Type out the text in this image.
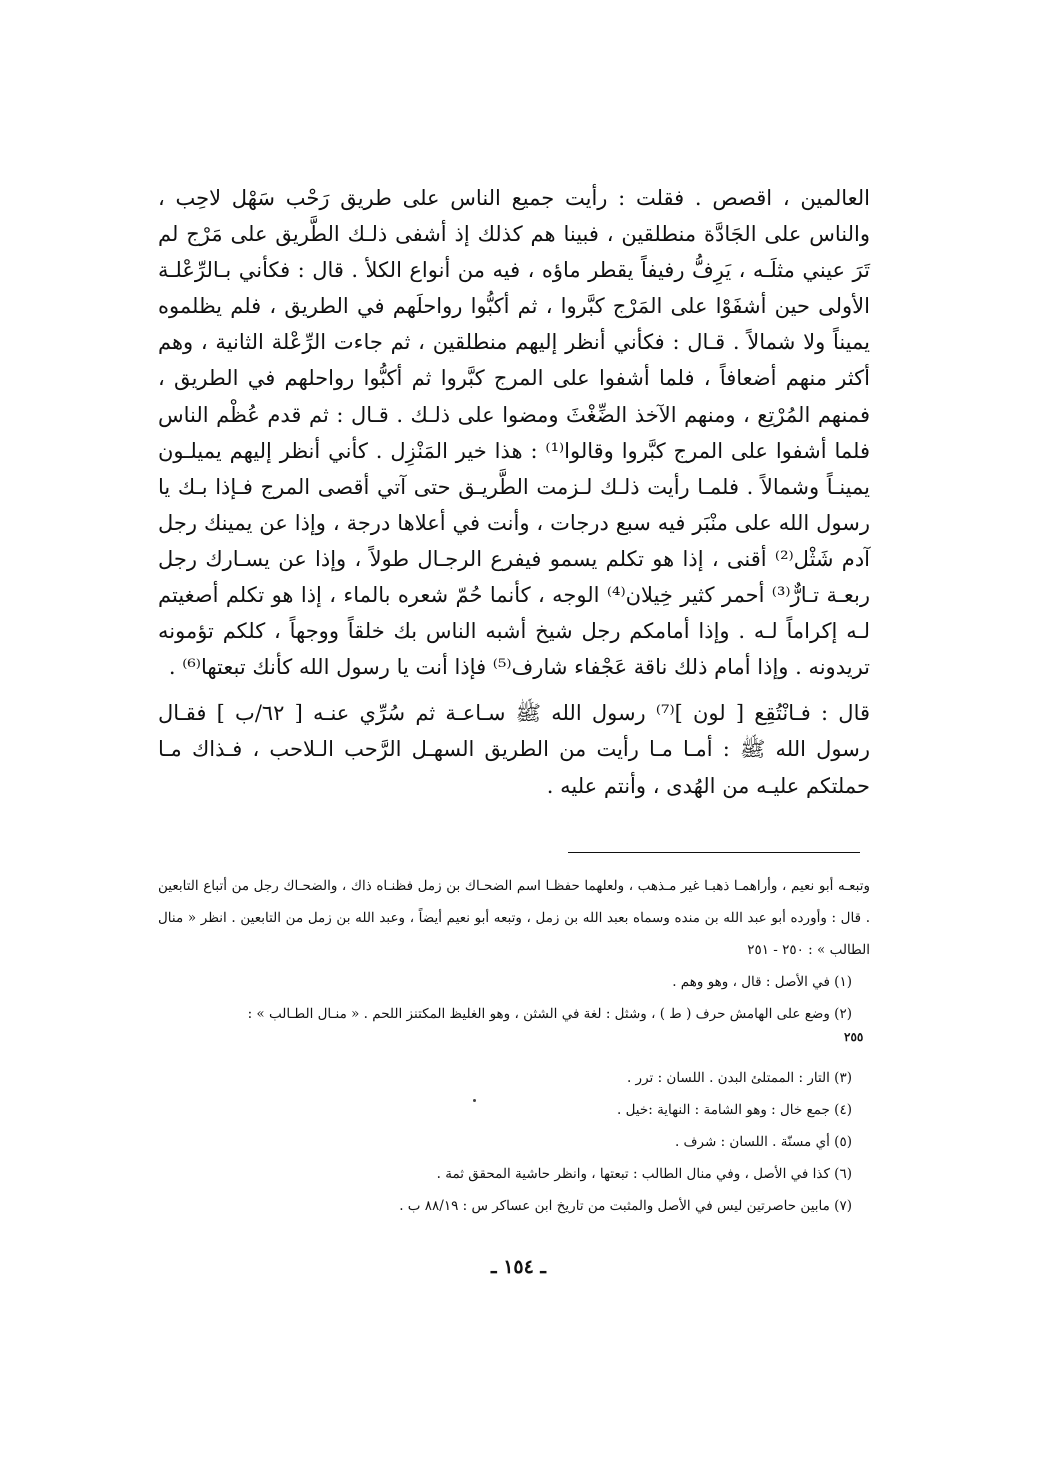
العالمين ، اقصص . فقلت : رأيت جميع الناس على طريق رَحْب سَهْل لاحِب ، والناس على الجَادَّة منطلقين ، فبينا هم كذلك إذ أشفى ذلـك الطَّريق على مَرْج لم تَرَ عيني مثلَـه ، يَرِفُّ رفيفاً يقطر ماؤه ، فيه من أنواع الكلأ . قال : فكأني بـالرِّعْلـة الأولى حين أشفَوْا على المَرْج كبَّروا ، ثم أكبُّوا رواحلَهم في الطريق ، فلم يظلموه يميناً ولا شمالاً . قـال : فكأني أنظر إليهم منطلقين ، ثم جاءت الرِّعْلة الثانية ، وهم أكثر منهم أضعافاً ، فلما أشفوا على المرج كبَّروا ثم أكبُّوا رواحلهم في الطريق ، فمنهم المُرْتِع ، ومنهم الآخذ الضِّغْثَ ومضوا على ذلـك . قـال : ثم قدم عُظْم الناس فلما أشفوا على المرج كبَّروا وقالوا⁽¹⁾ : هذا خير المَنْزِل . كأني أنظر إليهم يميلـون يمينـاً وشمالاً . فلمـا رأيت ذلـك لـزمت الطَّريـق حتى آتي أقصى المرج فـإذا بـك يا رسول الله على منْبَر فيه سبع درجات ، وأنت في أعلاها درجة ، وإذا عن يمينك رجل آدم شَثْل⁽²⁾ أقنى ، إذا هو تكلم يسمو فيفرع الرجـال طولاً ، وإذا عن يسـارك رجل ربعـة تـارٌّ⁽³⁾ أحمر كثير خِيلان⁽⁴⁾ الوجه ، كأنما حُمّ شعره بالماء ، إذا هو تكلم أصغيتم لـه إكراماً لـه . وإذا أمامكم رجل شيخ أشبه الناس بك خلقاً ووجهاً ، كلكم تؤمونه تريدونه . وإذا أمام ذلك ناقة عَجْفاء شارف⁽⁵⁾ فإذا أنت يا رسول الله كأنك تبعتها⁽⁶⁾ .

قال : فـانْتُقِع [ لون ]⁽⁷⁾ رسول الله ﷺ سـاعـة ثم سُرِّي عنـه [ ٦٢/ب ] فقـال رسول الله ﷺ : أمـا مـا رأيت من الطريق السهـل الرَّحب الـلاحب ، فـذاك مـا حملتكم عليـه من الهُدى ، وأنتم عليه .

وتبعـه أبو نعيم ، وأراهمـا ذهبـا غير مـذهب ، ولعلهما حفظـا اسم الضحـاك بن زمل فظنـاه ذاك ، والضحـاك رجل من أتباع التابعين . قال : وأورده أبو عبد الله بن منده وسماه بعبد الله بن زمل ، وتبعه أبو نعيم أيضاً ، وعبد الله بن زمل من التابعين . انظر « منال الطالب » : ٢٥٠ - ٢٥١

(١) في الأصل : قال ، وهو وهم .

(٢) وضع على الهامش حرف ( ط ) ، وشثل : لغة في الشثن ، وهو الغليظ المكتنز اللحم . « منـال الطـالب » :

٢٥٥

(٣) التار : الممتلئ البدن . اللسان : ترر .

(٤) جمع خال : وهو الشامة : النهاية :خيل .

(٥) أي مسنّة . اللسان : شرف .

(٦) كذا في الأصل ، وفي منال الطالب : تبعتها ، وانظر حاشية المحقق ثمة .

(٧) مابين حاصرتين ليس في الأصل والمثبت من تاريخ ابن عساكر س : ٨٨/١٩ ب .

ـ ١٥٤ ـ
